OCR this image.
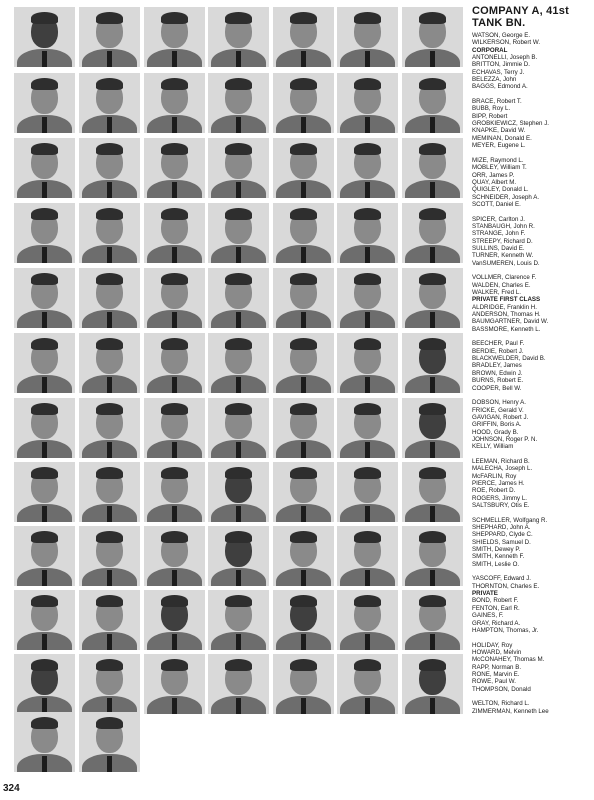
COMPANY A, 41st TANK BN.
WATSON, George E.
WILKERSON, Robert W.
CORPORAL
ANTONELLI, Joseph B.
BRITTON, Jimmie D.
ECHAVAS, Terry J.
BELEZZA, John
BAGGS, Edmond A.
BRACE, Robert T.
BUBB, Roy L.
BIPP, Robert
GROBKIEWICZ, Stephen J.
KNAPKE, David W.
MEMINAN, Donald E.
MEYER, Eugene L.
MIZE, Raymond L.
MOBLEY, William T.
ORR, James P.
QUAY, Albert M.
QUIGLEY, Donald L.
SCHNEIDER, Joseph A.
SCOTT, Daniel E.
SPICER, Carlton J.
STANBAUGH, John R.
STRANGE, John F.
STREEPY, Richard D.
SULLINS, David E.
TURNER, Kenneth W.
VanSUMEREN, Louis D.
VOLLMER, Clarence F.
WALDEN, Charles E.
WALKER, Fred L.
PRIVATE FIRST CLASS
ALDRIDGE, Franklin H.
ANDERSON, Thomas H.
BAUMGARTNER, David W.
BASSMORE, Kenneth L.
BEECHER, Paul F.
BERDIE, Robert J.
BLACKWELDER, David B.
BRADLEY, James
BROWN, Edwin J.
BURNS, Robert E.
COOPER, Bell W.
DOBSON, Henry A.
FRICKE, Gerald V.
GAVIGAN, Robert J.
GRIFFIN, Boris A.
HOOD, Grady B.
JOHNSON, Roger P. N.
KELLY, William
LEEMAN, Richard B.
MALECHA, Joseph L.
McFARLIN, Roy
PIERCE, James H.
ROE, Robert D.
ROGERS, Jimmy L.
SALTSBURY, Otis E.
SCHMELLER, Wolfgang R.
SHEPHARD, John A.
SHEPPARD, Clyde C.
SHIELDS, Samuel D.
SMITH, Dewey P.
SMITH, Kenneth F.
SMITH, Leslie O.
YASCOFF, Edward J.
THORNTON, Charles E.
PRIVATE
BOND, Robert F.
FENTON, Earl R.
GAINES, F.
GRAY, Richard A.
HAMPTON, Thomas, Jr.
HOLIDAY, Roy
HOWARD, Melvin
McCONAHEY, Thomas M.
RAPP, Norman B.
RONE, Marvin E.
ROWE, Paul W.
THOMPSON, Donald
WELTON, Richard L.
ZIMMERMAN, Kenneth Lee
324
